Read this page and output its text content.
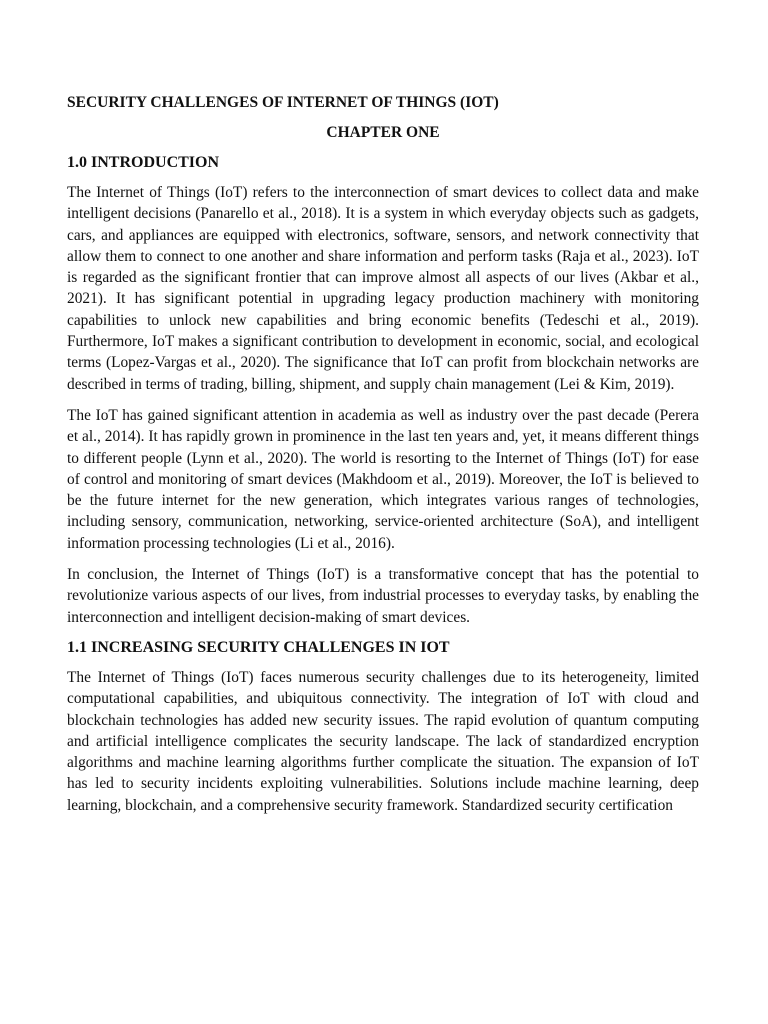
SECURITY CHALLENGES OF INTERNET OF THINGS (IOT)
CHAPTER ONE
1.0 INTRODUCTION

The Internet of Things (IoT) refers to the interconnection of smart devices to collect data and make intelligent decisions (Panarello et al., 2018). It is a system in which everyday objects such as gadgets, cars, and appliances are equipped with electronics, software, sensors, and network connectivity that allow them to connect to one another and share information and perform tasks (Raja et al., 2023). IoT is regarded as the significant frontier that can improve almost all aspects of our lives (Akbar et al., 2021). It has significant potential in upgrading legacy production machinery with monitoring capabilities to unlock new capabilities and bring economic benefits (Tedeschi et al., 2019). Furthermore, IoT makes a significant contribution to development in economic, social, and ecological terms (Lopez-Vargas et al., 2020). The significance that IoT can profit from blockchain networks are described in terms of trading, billing, shipment, and supply chain management (Lei & Kim, 2019).

The IoT has gained significant attention in academia as well as industry over the past decade (Perera et al., 2014). It has rapidly grown in prominence in the last ten years and, yet, it means different things to different people (Lynn et al., 2020). The world is resorting to the Internet of Things (IoT) for ease of control and monitoring of smart devices (Makhdoom et al., 2019). Moreover, the IoT is believed to be the future internet for the new generation, which integrates various ranges of technologies, including sensory, communication, networking, service-oriented architecture (SoA), and intelligent information processing technologies (Li et al., 2016).

In conclusion, the Internet of Things (IoT) is a transformative concept that has the potential to revolutionize various aspects of our lives, from industrial processes to everyday tasks, by enabling the interconnection and intelligent decision-making of smart devices.

1.1 INCREASING SECURITY CHALLENGES IN IOT

The Internet of Things (IoT) faces numerous security challenges due to its heterogeneity, limited computational capabilities, and ubiquitous connectivity. The integration of IoT with cloud and blockchain technologies has added new security issues. The rapid evolution of quantum computing and artificial intelligence complicates the security landscape. The lack of standardized encryption algorithms and machine learning algorithms further complicate the situation. The expansion of IoT has led to security incidents exploiting vulnerabilities. Solutions include machine learning, deep learning, blockchain, and a comprehensive security framework. Standardized security certification
